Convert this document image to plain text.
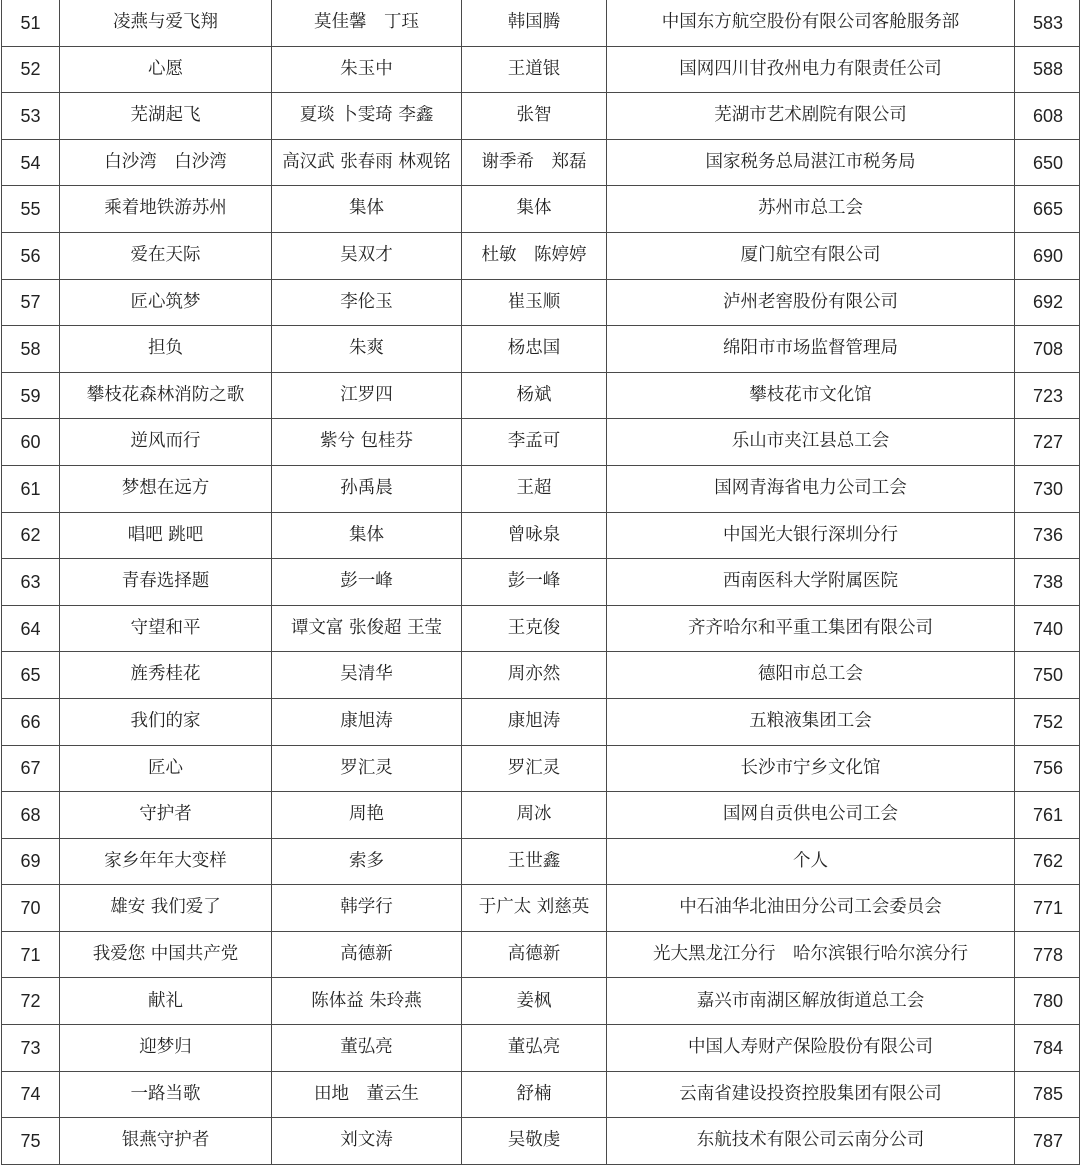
51	凌燕与爱飞翔	莫佳馨　丁珏	韩国腾	中国东方航空股份有限公司客舱服务部	583
52	心愿	朱玉中	王道银	国网四川甘孜州电力有限责任公司	588
53	芜湖起飞	夏琰 卜雯琦 李鑫	张智	芜湖市艺术剧院有限公司	608
54	白沙湾　白沙湾	高汉武 张春雨 林观铭	谢季希　郑磊	国家税务总局湛江市税务局	650
55	乘着地铁游苏州	集体	集体	苏州市总工会	665
56	爱在天际	吴双才	杜敏　陈婷婷	厦门航空有限公司	690
57	匠心筑梦	李伦玉	崔玉顺	泸州老窖股份有限公司	692
58	担负	朱爽	杨忠国	绵阳市市场监督管理局	708
59	攀枝花森林消防之歌	江罗四	杨斌	攀枝花市文化馆	723
60	逆风而行	紫兮 包桂芬	李孟可	乐山市夹江县总工会	727
61	梦想在远方	孙禹晨	王超	国网青海省电力公司工会	730
62	唱吧 跳吧	集体	曾咏泉	中国光大银行深圳分行	736
63	青春选择题	彭一峰	彭一峰	西南医科大学附属医院	738
64	守望和平	谭文富 张俊超 王莹	王克俊	齐齐哈尔和平重工集团有限公司	740
65	旌秀桂花	吴清华	周亦然	德阳市总工会	750
66	我们的家	康旭涛	康旭涛	五粮液集团工会	752
67	匠心	罗汇灵	罗汇灵	长沙市宁乡文化馆	756
68	守护者	周艳	周冰	国网自贡供电公司工会	761
69	家乡年年大变样	索多	王世鑫	个人	762
70	雄安 我们爱了	韩学行	于广太 刘慈英	中石油华北油田分公司工会委员会	771
71	我爱您 中国共产党	高德新	高德新	光大黑龙江分行　哈尔滨银行哈尔滨分行	778
72	献礼	陈体益 朱玲燕	姜枫	嘉兴市南湖区解放街道总工会	780
73	迎梦归	董弘亮	董弘亮	中国人寿财产保险股份有限公司	784
74	一路当歌	田地　董云生	舒楠	云南省建设投资控股集团有限公司	785
75	银燕守护者	刘文涛	吴敬虔	东航技术有限公司云南分公司	787
